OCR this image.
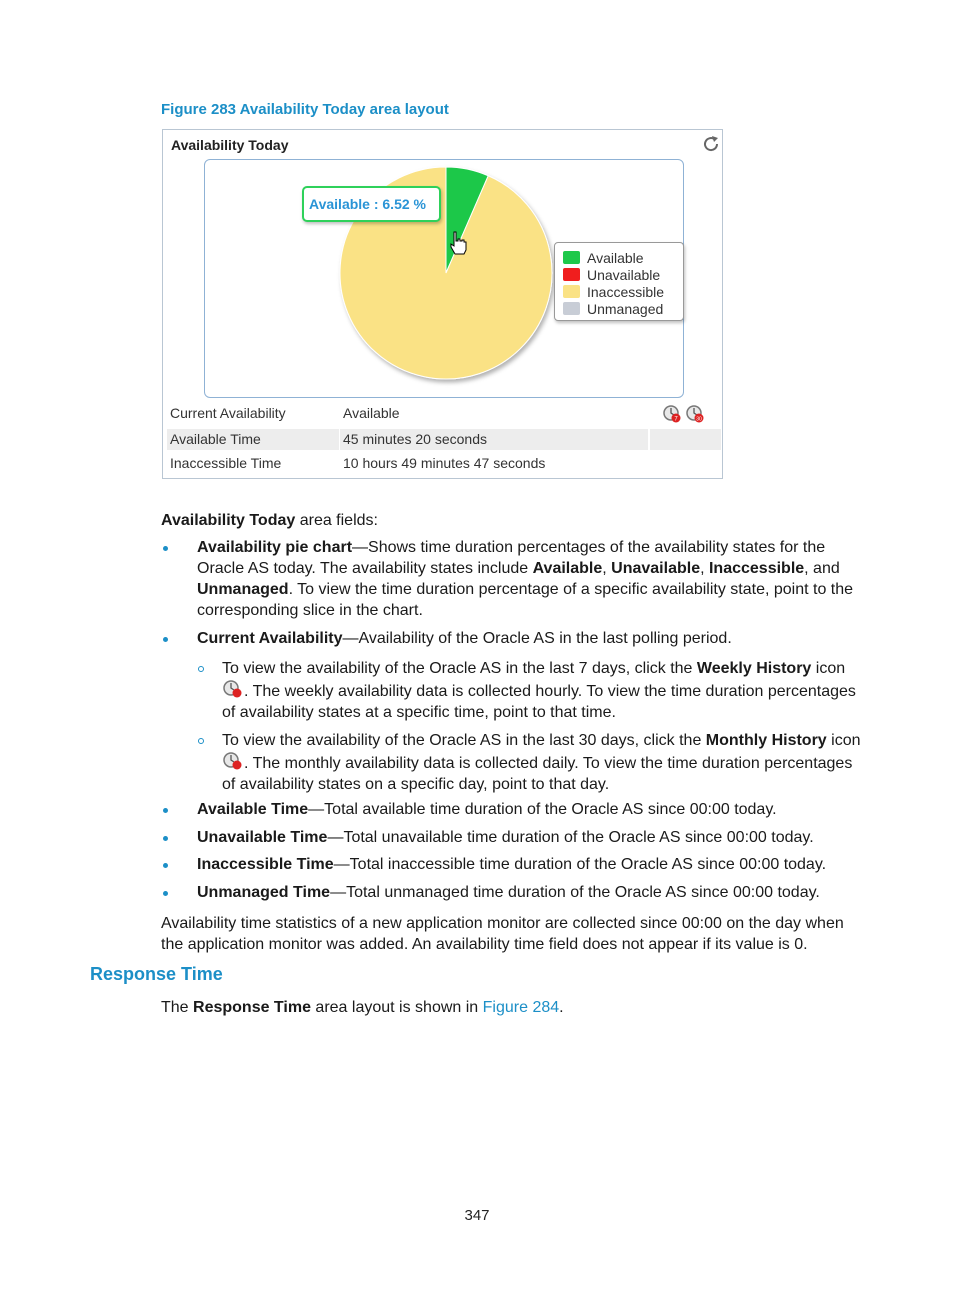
Figure 283 Availability Today area layout
Availability Today
Available
Unavailable
Inaccessible
Unmanaged
Available : 6.52 %
Current Availability	Available	7	30
Available Time	45 minutes 20 seconds
Inaccessible Time	10 hours 49 minutes 47 seconds
Availability Today area fields:
Availability pie chart—Shows time duration percentages of the availability states for the Oracle AS today. The availability states include Available, Unavailable, Inaccessible, and Unmanaged. To view the time duration percentage of a specific availability state, point to the corresponding slice in the chart.
Current Availability—Availability of the Oracle AS in the last polling period.
To view the availability of the Oracle AS in the last 7 days, click the Weekly History icon. The weekly availability data is collected hourly. To view the time duration percentages of availability states at a specific time, point to that time.
To view the availability of the Oracle AS in the last 30 days, click the Monthly History icon. The monthly availability data is collected daily. To view the time duration percentages of availability states on a specific day, point to that day.
Available Time—Total available time duration of the Oracle AS since 00:00 today.
Unavailable Time—Total unavailable time duration of the Oracle AS since 00:00 today.
Inaccessible Time—Total inaccessible time duration of the Oracle AS since 00:00 today.
Unmanaged Time—Total unmanaged time duration of the Oracle AS since 00:00 today.
Availability time statistics of a new application monitor are collected since 00:00 on the day when the application monitor was added. An availability time field does not appear if its value is 0.
Response Time
The Response Time area layout is shown in Figure 284.
347
